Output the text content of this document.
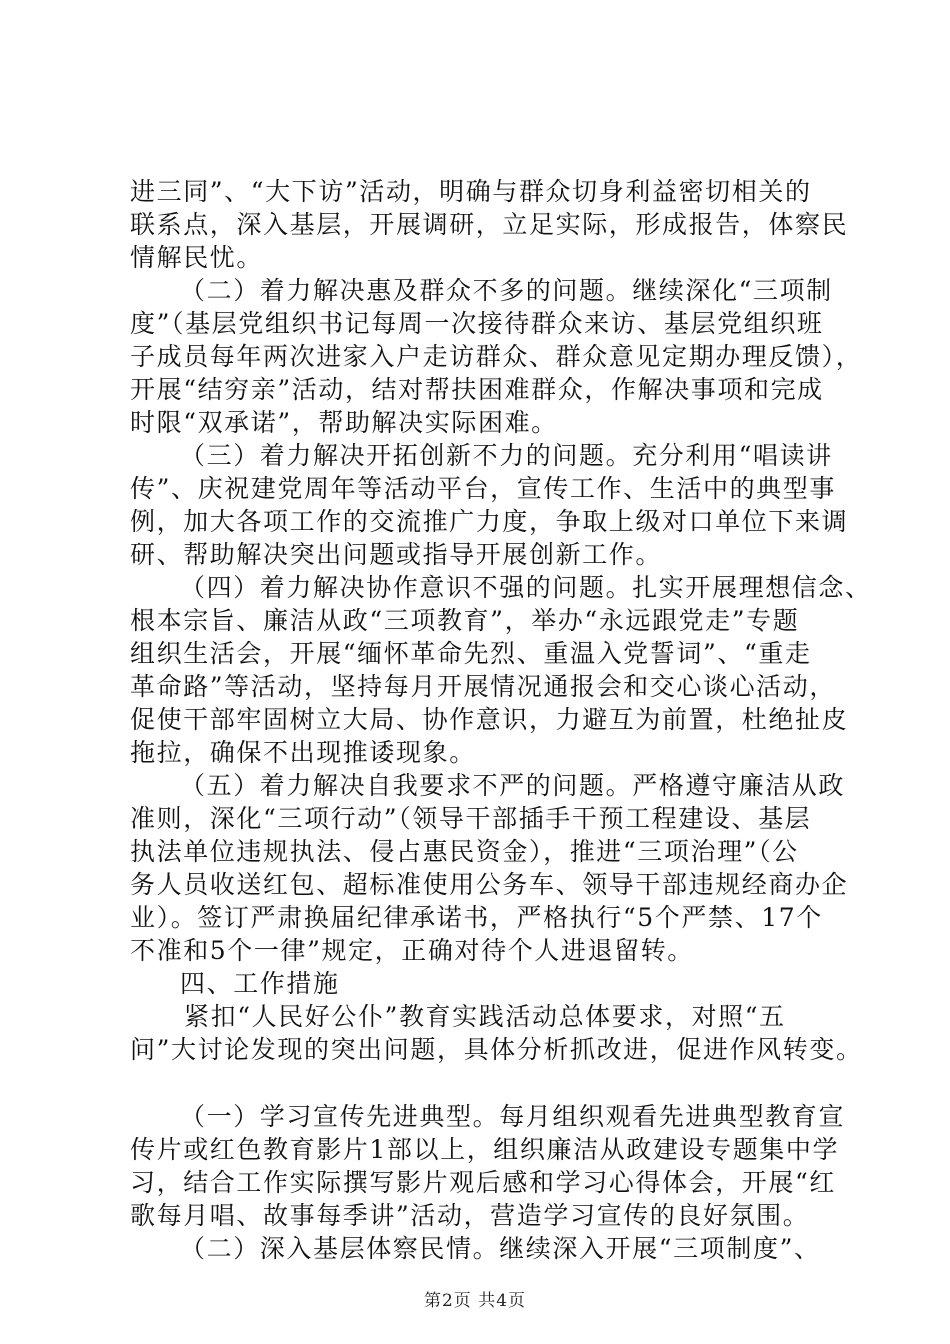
进三同”、“大下访”活动，明确与群众切身利益密切相关的
联系点，深入基层，开展调研，立足实际，形成报告，体察民
情解民忧。
（二）着力解决惠及群众不多的问题。继续深化“三项制
度”（基层党组织书记每周一次接待群众来访、基层党组织班
子成员每年两次进家入户走访群众、群众意见定期办理反馈），
开展“结穷亲”活动，结对帮扶困难群众，作解决事项和完成
时限“双承诺”，帮助解决实际困难。
（三）着力解决开拓创新不力的问题。充分利用“唱读讲
传”、庆祝建党周年等活动平台，宣传工作、生活中的典型事
例，加大各项工作的交流推广力度，争取上级对口单位下来调
研、帮助解决突出问题或指导开展创新工作。
（四）着力解决协作意识不强的问题。扎实开展理想信念、
根本宗旨、廉洁从政“三项教育”，举办“永远跟党走”专题
组织生活会，开展“缅怀革命先烈、重温入党誓词”、“重走
革命路”等活动，坚持每月开展情况通报会和交心谈心活动，
促使干部牢固树立大局、协作意识，力避互为前置，杜绝扯皮
拖拉，确保不出现推诿现象。
（五）着力解决自我要求不严的问题。严格遵守廉洁从政
准则，深化“三项行动”（领导干部插手干预工程建设、基层
执法单位违规执法、侵占惠民资金），推进“三项治理”（公
务人员收送红包、超标准使用公务车、领导干部违规经商办企
业）。签订严肃换届纪律承诺书，严格执行“5个严禁、17个
不准和5个一律”规定，正确对待个人进退留转。
四、工作措施
紧扣“人民好公仆”教育实践活动总体要求，对照“五
问”大讨论发现的突出问题，具体分析抓改进，促进作风转变。
（一）学习宣传先进典型。每月组织观看先进典型教育宣
传片或红色教育影片1部以上，组织廉洁从政建设专题集中学
习，结合工作实际撰写影片观后感和学习心得体会，开展“红
歌每月唱、故事每季讲”活动，营造学习宣传的良好氛围。
（二）深入基层体察民情。继续深入开展“三项制度”、
第2页 共4页
